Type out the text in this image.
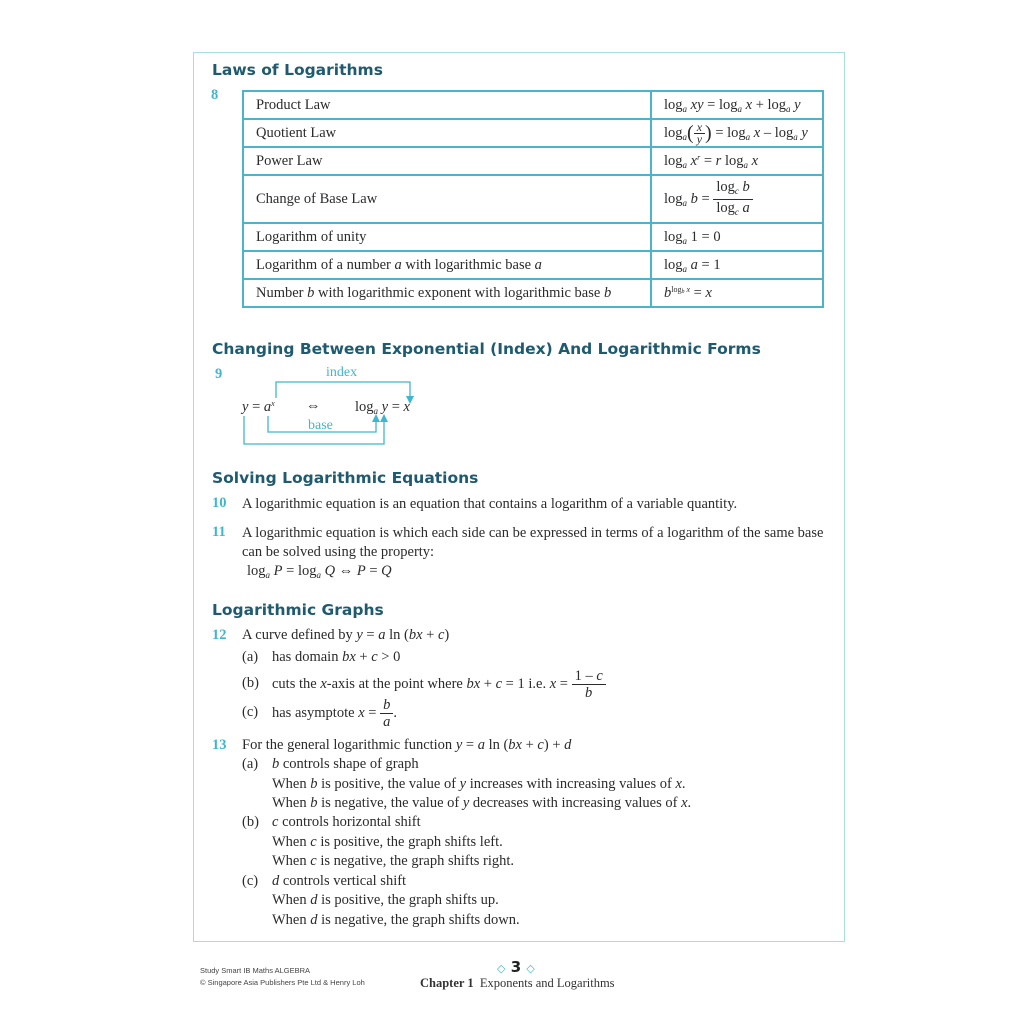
Laws of Logarithms
8
Product Law	$\log_a$ xy = $\log_a x + \log_a y$
Quotient Law	$\log_a( \frac{x}{y}$ ) = $\log_a x - \log_a y$
Power Law	$\log_a x^r = r$ $\log_a x$
Change of Base Law	$\log_a b = \frac{\log_c b}{\log_c a}$

Logarithm of unity	$\log_a 1 = 0$
Logarithm of a number a with logarithmic base a	$\log_a a = 1$
Number b with logarithmic exponent with logarithmic base b	$b^{log_b x} = x$
Changing Between Exponential (Index) And Logarithmic Forms
9	index
base
$y = a^x$ ⇔ $\log_a y = x$
Solving Logarithmic Equations
10 A logarithmic equation is an equation that contains a logarithm of a variable quantity.
11 A logarithmic equation is which each side can be expressed in terms of a logarithm of the same base can be solved using the property:
$\log_a P = \log_a Q$ ⇔ P = Q
Logarithmic Graphs
12 A curve defined by y = a ln (bx + c)
(a) has domain bx + c > 0
(b) cuts the x-axis at the point where bx + c = 1 i.e. $x = \frac{1 - c}{b}$
(c) has asymptote $x = \frac{b}{a}$ .
13 For the general logarithmic function y = a ln (bx + c) + d
(a) b controls shape of graph
When b is positive, the value of y increases with increasing values of x.
When b is negative, the value of y decreases with increasing values of x.
(b) c controls horizontal shift
When c is positive, the graph shifts left.
When c is negative, the graph shifts right.
(c) d controls vertical shift
When d is positive, the graph shifts up.
When d is negative, the graph shifts down.
Study Smart IB Maths ALGEBRA
© Singapore Asia Publishers Pte Ltd & Henry Loh
◇ 3 ◇
Chapter 1 Exponents and Logarithms
